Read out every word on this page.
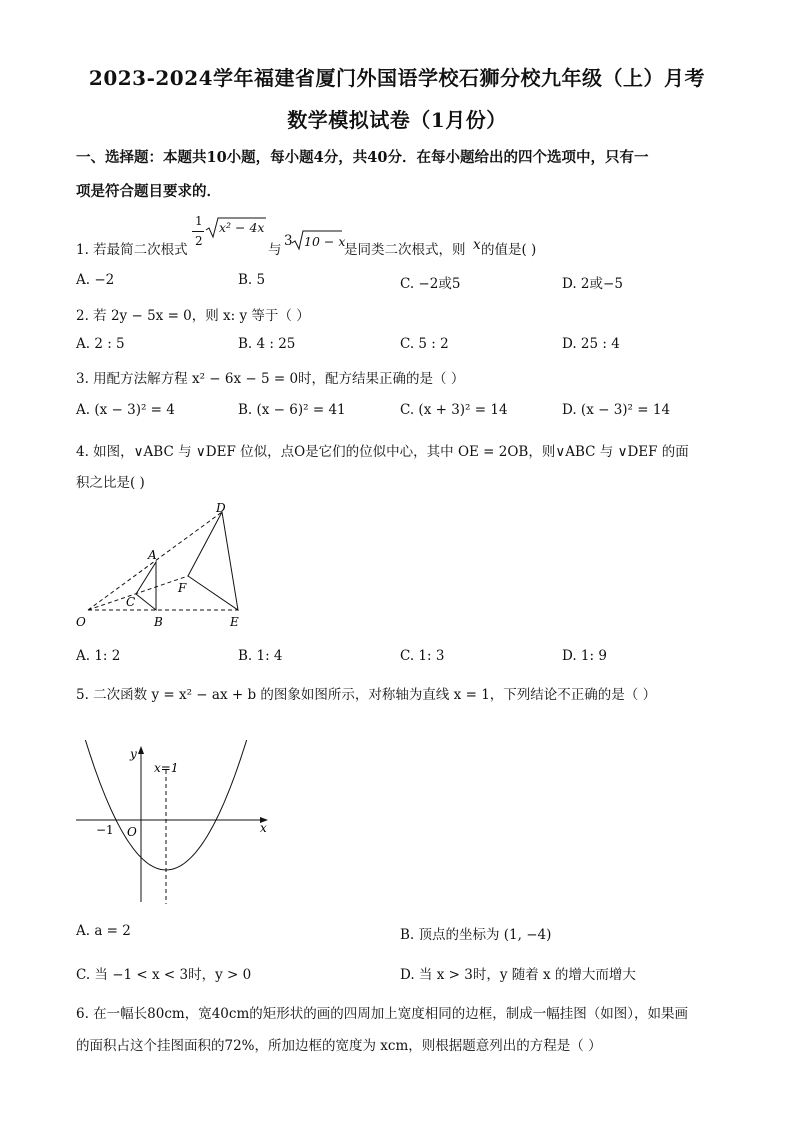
2023-2024学年福建省厦门外国语学校石狮分校九年级（上）月考
数学模拟试卷（1月份）
一、选择题：本题共10小题，每小题4分，共40分．在每小题给出的四个选项中，只有一
项是符合题目要求的．
1. 若最简二次根式
1
2
x² − 4x
与
3 10 − x
是同类二次根式，则 x 的值是( )
A. −2	B. 5	C. −2或5	D. 2或−5
2. 若 2y − 5x = 0，则 x: y 等于（ ）
A. 2 : 5	B. 4 : 25	C. 5 : 2	D. 25 : 4
3. 用配方法解方程 x² − 6x − 5 = 0时，配方结果正确的是（ ）
A. (x − 3)² = 4	B. (x − 6)² = 41	C. (x + 3)² = 14	D. (x − 3)² = 14
4. 如图，∨ABC 与 ∨DEF 位似，点O是它们的位似中心，其中 OE = 2OB，则∨ABC 与 ∨DEF 的面
积之比是( )
O
A
B
C
D
E
F
A. 1: 2	B. 1: 4	C. 1: 3	D. 1: 9
5. 二次函数 y = x² − ax + b 的图象如图所示，对称轴为直线 x = 1，下列结论不正确的是（ ）
y
x
x=1
−1 O
A. a = 2	B. 顶点的坐标为 (1, −4)
C. 当 −1 < x < 3时，y > 0	D. 当 x > 3时，y 随着 x 的增大而增大
6. 在一幅长80cm，宽40cm的矩形状的画的四周加上宽度相同的边框，制成一幅挂图（如图），如果画
的面积占这个挂图面积的72%，所加边框的宽度为 xcm，则根据题意列出的方程是（ ）
